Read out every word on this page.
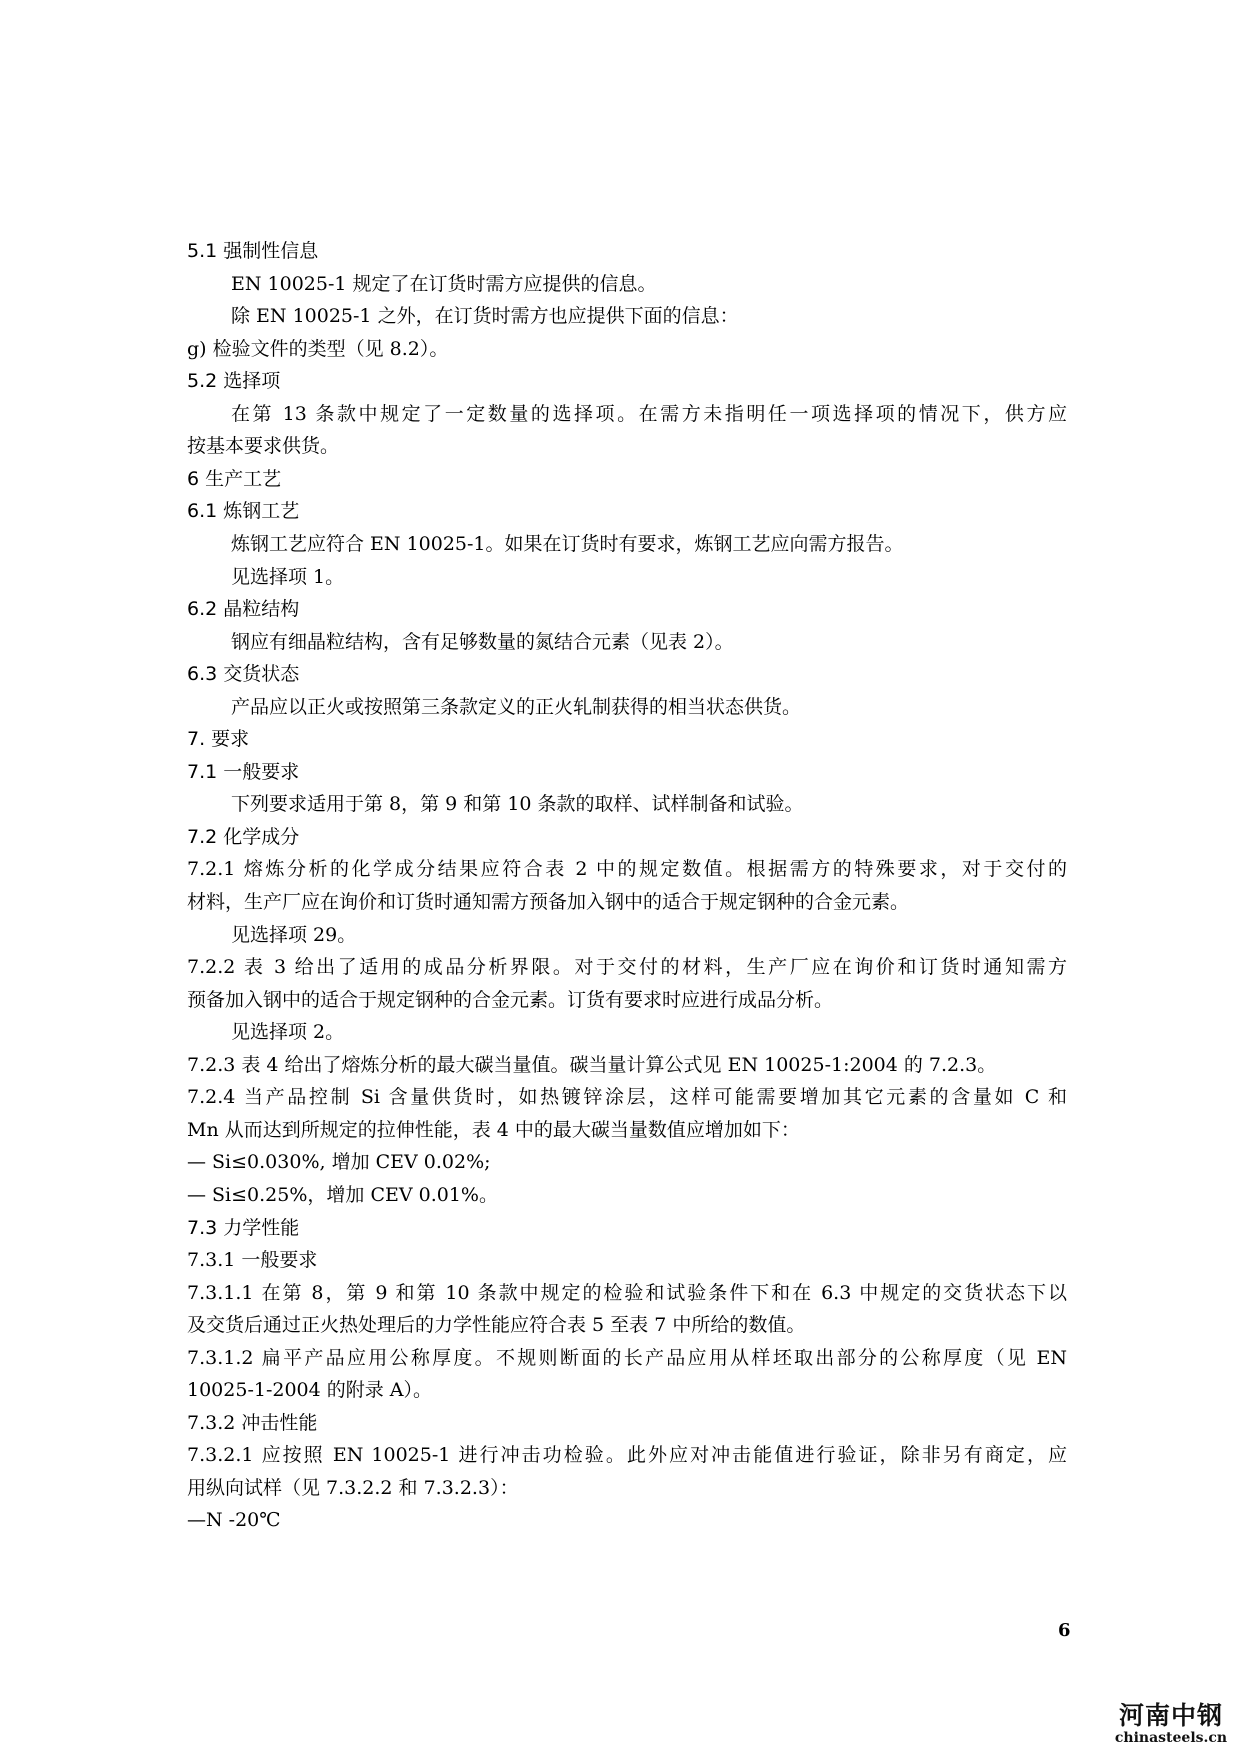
5.1 强制性信息
EN 10025-1 规定了在订货时需方应提供的信息。
除 EN 10025-1 之外，在订货时需方也应提供下面的信息：
g) 检验文件的类型（见 8.2）。
5.2 选择项
在第 13 条款中规定了一定数量的选择项。在需方未指明任一项选择项的情况下，供方应
按基本要求供货。
6 生产工艺
6.1 炼钢工艺
炼钢工艺应符合 EN 10025-1。如果在订货时有要求，炼钢工艺应向需方报告。
见选择项 1。
6.2 晶粒结构
钢应有细晶粒结构，含有足够数量的氮结合元素（见表 2）。
6.3 交货状态
产品应以正火或按照第三条款定义的正火轧制获得的相当状态供货。
7. 要求
7.1 一般要求
下列要求适用于第 8，第 9 和第 10 条款的取样、试样制备和试验。
7.2 化学成分
7.2.1 熔炼分析的化学成分结果应符合表 2 中的规定数值。根据需方的特殊要求，对于交付的
材料，生产厂应在询价和订货时通知需方预备加入钢中的适合于规定钢种的合金元素。
见选择项 29。
7.2.2 表 3 给出了适用的成品分析界限。对于交付的材料，生产厂应在询价和订货时通知需方
预备加入钢中的适合于规定钢种的合金元素。订货有要求时应进行成品分析。
见选择项 2。
7.2.3 表 4 给出了熔炼分析的最大碳当量值。碳当量计算公式见 EN 10025-1:2004 的 7.2.3。
7.2.4 当产品控制 Si 含量供货时，如热镀锌涂层，这样可能需要增加其它元素的含量如 C 和
Mn 从而达到所规定的拉伸性能，表 4 中的最大碳当量数值应增加如下：
— Si≤0.030%, 增加 CEV 0.02%;
— Si≤0.25%，增加 CEV 0.01%。
7.3 力学性能
7.3.1 一般要求
7.3.1.1 在第 8，第 9 和第 10 条款中规定的检验和试验条件下和在 6.3 中规定的交货状态下以
及交货后通过正火热处理后的力学性能应符合表 5 至表 7 中所给的数值。
7.3.1.2 扁平产品应用公称厚度。不规则断面的长产品应用从样坯取出部分的公称厚度（见 EN
10025-1-2004 的附录 A）。
7.3.2 冲击性能
7.3.2.1 应按照 EN 10025-1 进行冲击功检验。此外应对冲击能值进行验证，除非另有商定，应
用纵向试样（见 7.3.2.2 和 7.3.2.3）：
—N -20℃
6
河南中钢
chinasteels.cn
